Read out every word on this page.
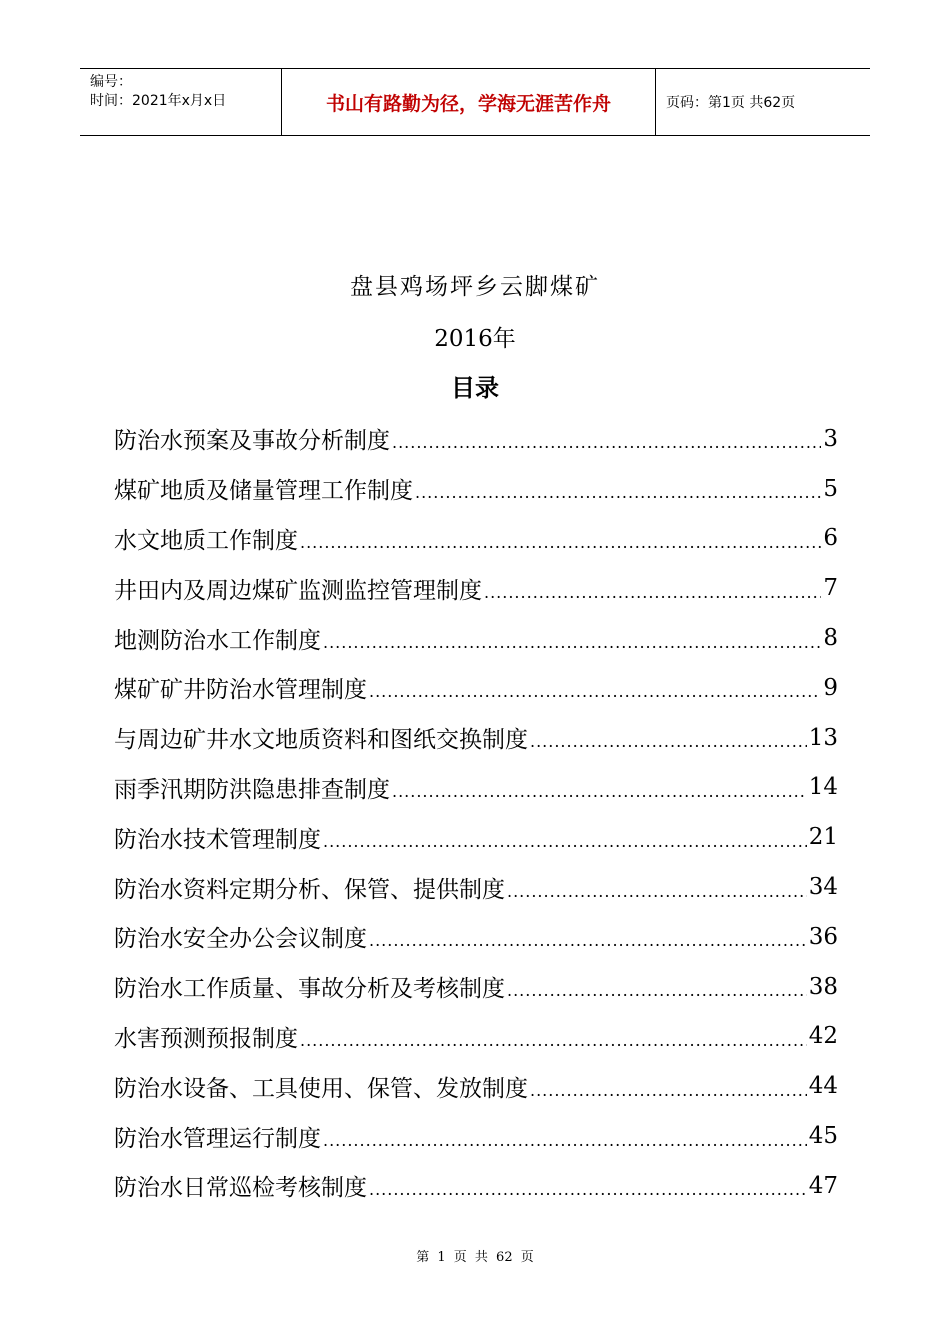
编号：
时间：2021年x月x日	书山有路勤为径，学海无涯苦作舟	页码：第1页 共62页
盘县鸡场坪乡云脚煤矿
2016年
目录
防治水预案及事故分析制度 .....	3
煤矿地质及储量管理工作制度 .....	5
水文地质工作制度 .....	6
井田内及周边煤矿监测监控管理制度 .....	7
地测防治水工作制度 .....	8
煤矿矿井防治水管理制度 .....	9
与周边矿井水文地质资料和图纸交换制度 .....	13
雨季汛期防洪隐患排查制度 .....	14
防治水技术管理制度 .....	21
防治水资料定期分析、保管、提供制度 .....	34
防治水安全办公会议制度 .....	36
防治水工作质量、事故分析及考核制度 .....	38
水害预测预报制度 .....	42
防治水设备、工具使用、保管、发放制度 .....	44
防治水管理运行制度 .....	45
防治水日常巡检考核制度 .....	47
第 1 页 共 62 页
